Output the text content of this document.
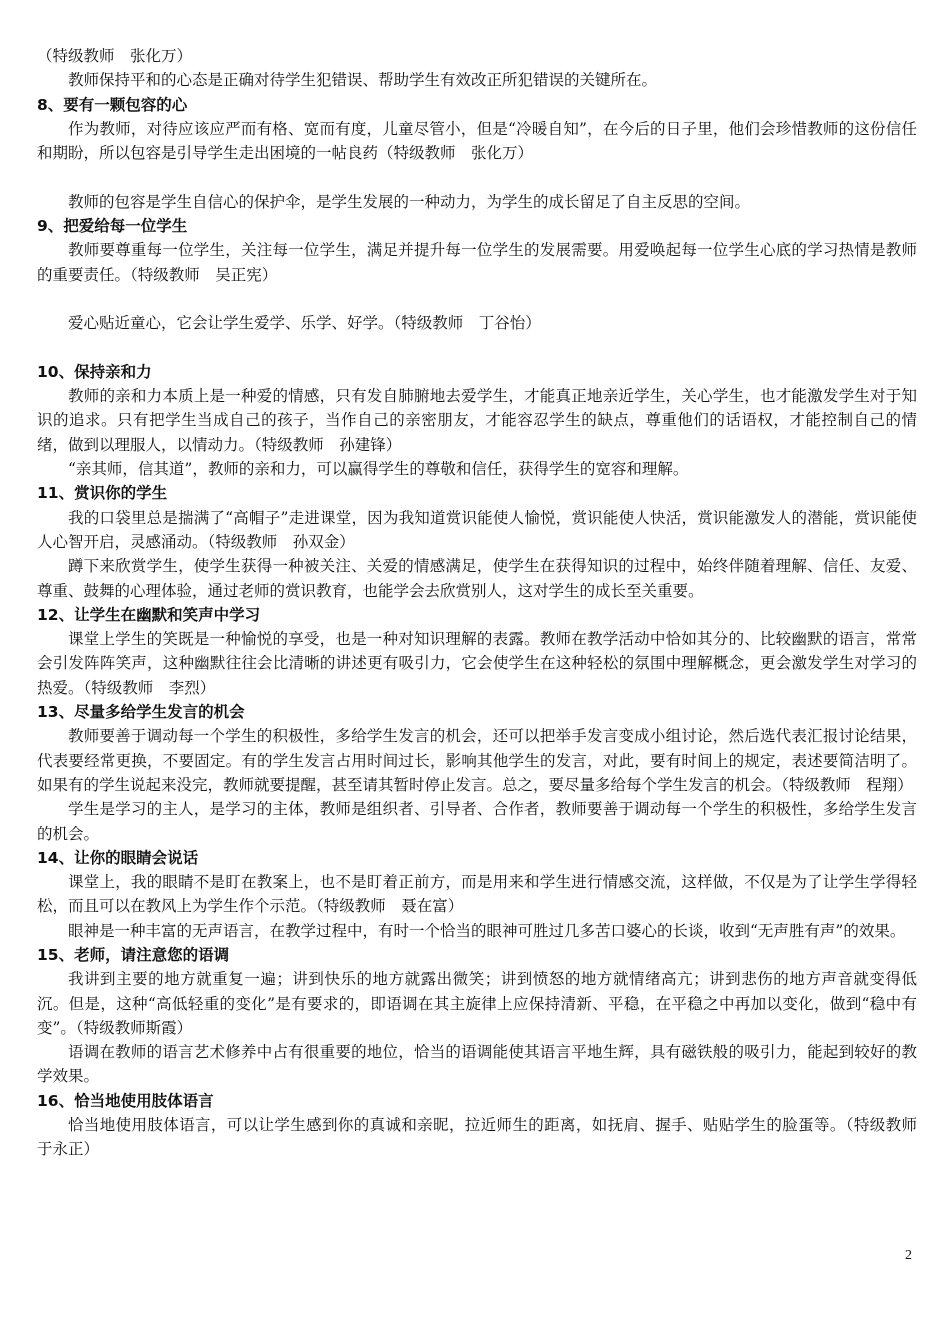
（特级教师　张化万）

教师保持平和的心态是正确对待学生犯错误、帮助学生有效改正所犯错误的关键所在。

8、要有一颗包容的心

作为教师，对待应该应严而有格、宽而有度，儿童尽管小，但是“冷暖自知”，在今后的日子里，他们会珍惜教师的这份信任和期盼，所以包容是引导学生走出困境的一帖良药（特级教师　张化万）

教师的包容是学生自信心的保护伞，是学生发展的一种动力，为学生的成长留足了自主反思的空间。

9、把爱给每一位学生

教师要尊重每一位学生，关注每一位学生，满足并提升每一位学生的发展需要。用爱唤起每一位学生心底的学习热情是教师的重要责任。（特级教师　吴正宪）

爱心贴近童心，它会让学生爱学、乐学、好学。（特级教师　丁谷怡）

10、保持亲和力

教师的亲和力本质上是一种爱的情感，只有发自肺腑地去爱学生，才能真正地亲近学生，关心学生，也才能激发学生对于知识的追求。只有把学生当成自己的孩子，当作自己的亲密朋友，才能容忍学生的缺点，尊重他们的话语权，才能控制自己的情绪，做到以理服人，以情动力。（特级教师　孙建锋）

“亲其师，信其道”，教师的亲和力，可以赢得学生的尊敬和信任，获得学生的宽容和理解。

11、赏识你的学生

我的口袋里总是揣满了“高帽子”走进课堂，因为我知道赏识能使人愉悦，赏识能使人快活，赏识能激发人的潜能，赏识能使人心智开启，灵感涌动。（特级教师　孙双金）

蹲下来欣赏学生，使学生获得一种被关注、关爱的情感满足，使学生在获得知识的过程中，始终伴随着理解、信任、友爱、尊重、鼓舞的心理体验，通过老师的赏识教育，也能学会去欣赏别人，这对学生的成长至关重要。

12、让学生在幽默和笑声中学习

课堂上学生的笑既是一种愉悦的享受，也是一种对知识理解的表露。教师在教学活动中恰如其分的、比较幽默的语言，常常会引发阵阵笑声，这种幽默往往会比清晰的讲述更有吸引力，它会使学生在这种轻松的氛围中理解概念，更会激发学生对学习的热爱。（特级教师　李烈）

13、尽量多给学生发言的机会

教师要善于调动每一个学生的积极性，多给学生发言的机会，还可以把举手发言变成小组讨论，然后选代表汇报讨论结果，代表要经常更换，不要固定。有的学生发言占用时间过长，影响其他学生的发言，对此，要有时间上的规定，表述要简洁明了。如果有的学生说起来没完，教师就要提醒，甚至请其暂时停止发言。总之，要尽量多给每个学生发言的机会。（特级教师　程翔）

学生是学习的主人，是学习的主体，教师是组织者、引导者、合作者，教师要善于调动每一个学生的积极性，多给学生发言的机会。

14、让你的眼睛会说话

课堂上，我的眼睛不是盯在教案上，也不是盯着正前方，而是用来和学生进行情感交流，这样做，不仅是为了让学生学得轻松，而且可以在教风上为学生作个示范。（特级教师　聂在富）

眼神是一种丰富的无声语言，在教学过程中，有时一个恰当的眼神可胜过几多苦口婆心的长谈，收到“无声胜有声”的效果。

15、老师，请注意您的语调

我讲到主要的地方就重复一遍；讲到快乐的地方就露出微笑；讲到愤怒的地方就情绪高亢；讲到悲伤的地方声音就变得低沉。但是，这种“高低轻重的变化”是有要求的，即语调在其主旋律上应保持清新、平稳，在平稳之中再加以变化，做到“稳中有变”。（特级教师斯霞）

语调在教师的语言艺术修养中占有很重要的地位，恰当的语调能使其语言平地生辉，具有磁铁般的吸引力，能起到较好的教学效果。

16、恰当地使用肢体语言

恰当地使用肢体语言，可以让学生感到你的真诚和亲昵，拉近师生的距离，如抚肩、握手、贴贴学生的脸蛋等。（特级教师　于永正）

2
